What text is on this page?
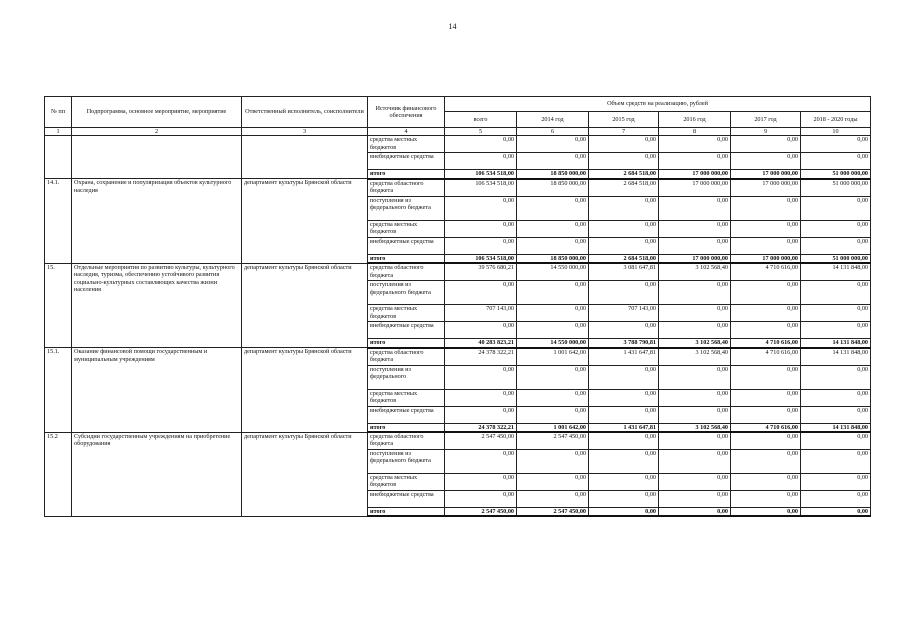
14
№ пп	Подпрограмма, основное мероприятие, мероприятие	Ответственный исполнитель, соисполнители	Источник финансового обеспечения	Объем средств на реализацию, рублей					
				всего	2014 год	2015 год	2016 год	2017 год	2018 - 2020 годы
1	2	3	4	5	6	7	8	9	10
			средства местных бюджетов	0,00	0,00	0,00	0,00	0,00	0,00
			внебюджетные средства	0,00	0,00	0,00	0,00	0,00	0,00
			итого	106 534 518,00	18 850 000,00	2 684 518,00	17 000 000,00	17 000 000,00	51 000 000,00
14.1.	Охрана, сохранение и популяризация объектов культурного наследия	департамент культуры Брянской области	средства областного бюджета	106 534 518,00	18 850 000,00	2 684 518,00	17 000 000,00	17 000 000,00	51 000 000,00
			поступления из федерального бюджета	0,00	0,00	0,00	0,00	0,00	0,00
			средства местных бюджетов	0,00	0,00	0,00	0,00	0,00	0,00
			внебюджетные средства	0,00	0,00	0,00	0,00	0,00	0,00
			итого	106 534 518,00	18 850 000,00	2 684 518,00	17 000 000,00	17 000 000,00	51 000 000,00
15.	Отдельные мероприятия по развитию культуры, культурного наследия, туризма, обеспечению устойчивого развития социально-культурных составляющих качества жизни населения	департамент культуры Брянской области	средства областного бюджета	39 576 680,21	14 550 000,00	3 081 647,81	3 102 568,40	4 710 616,00	14 131 848,00
			поступления из федерального бюджета	0,00	0,00	0,00	0,00	0,00	0,00
			средства местных бюджетов	707 143,00	0,00	707 143,00	0,00	0,00	0,00
			внебюджетные средства	0,00	0,00	0,00	0,00	0,00	0,00
			итого	40 283 823,21	14 550 000,00	3 788 790,81	3 102 568,40	4 710 616,00	14 131 848,00
15.1.	Оказание финансовой помощи государственным и муниципальным учреждениям	департамент культуры Брянской области	средства областного бюджета	24 378 322,21	1 001 642,00	1 431 647,81	3 102 568,40	4 710 616,00	14 131 848,00
			поступления из федерального	0,00	0,00	0,00	0,00	0,00	0,00
			средства местных бюджетов	0,00	0,00	0,00	0,00	0,00	0,00
			внебюджетные средства	0,00	0,00	0,00	0,00	0,00	0,00
			итого	24 378 322,21	1 001 642,00	1 431 647,81	3 102 568,40	4 710 616,00	14 131 848,00
15.2	Субсидии государственным учреждениям на приобретение оборудования	департамент культуры Брянской области	средства областного бюджета	2 547 450,00	2 547 450,00	0,00	0,00	0,00	0,00
			поступления из федерального бюджета	0,00	0,00	0,00	0,00	0,00	0,00
			средства местных бюджетов	0,00	0,00	0,00	0,00	0,00	0,00
			внебюджетные средства	0,00	0,00	0,00	0,00	0,00	0,00
			итого	2 547 450,00	2 547 450,00	0,00	0,00	0,00	0,00
